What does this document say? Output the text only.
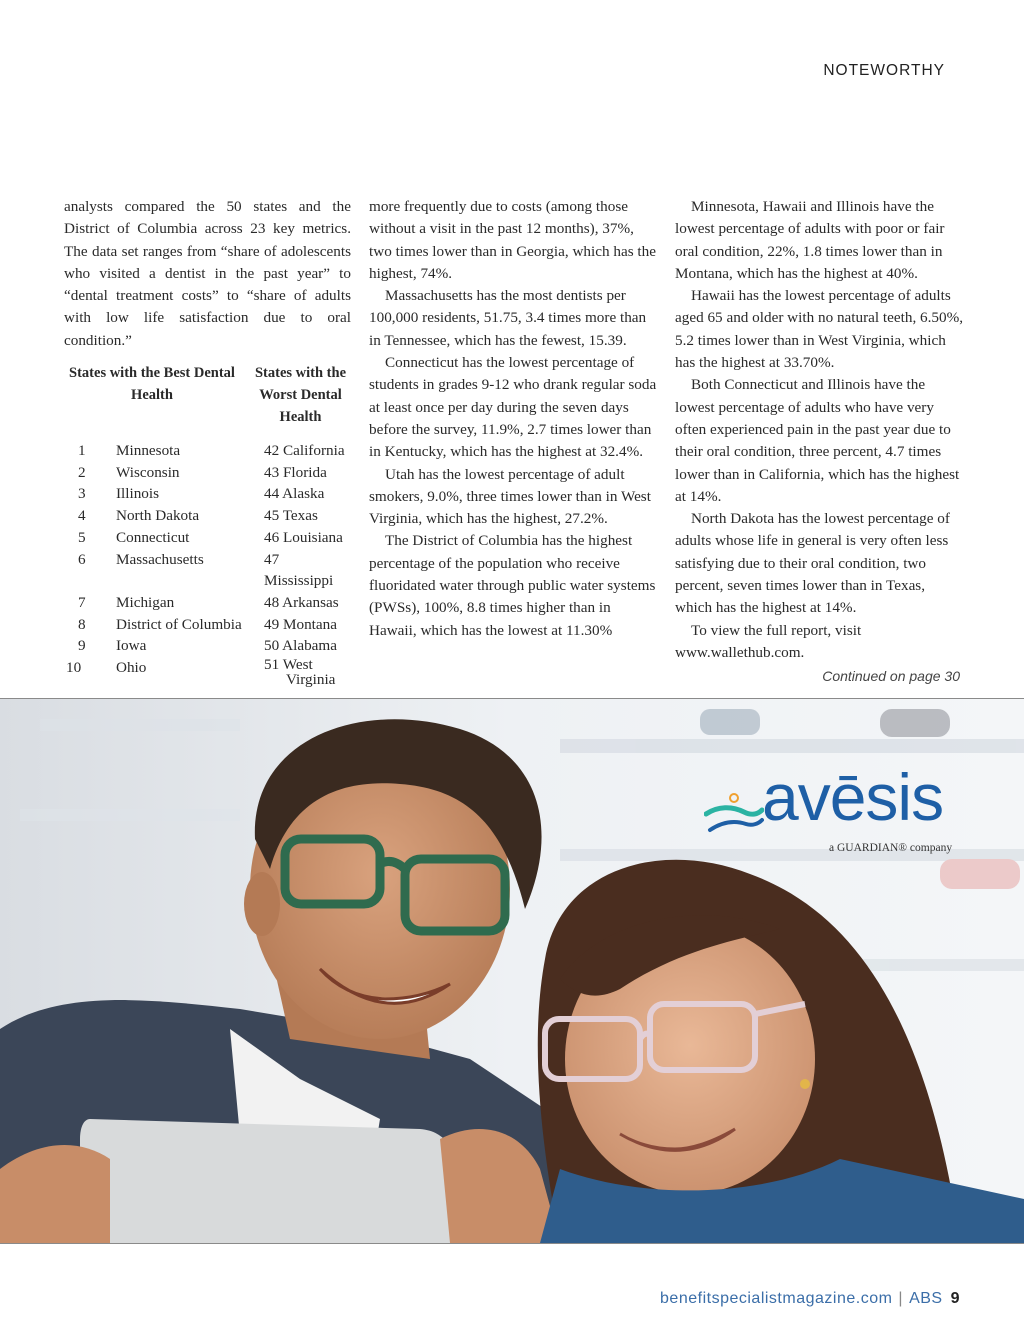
NOTEWORTHY

analysts compared the 50 states and the District of Columbia across 23 key metrics. The data set ranges from “share of adolescents who visited a dentist in the past year” to “dental treatment costs” to “share of adults with low life satisfaction due to oral condition.”

States with the Best Dental Health		States with the Worst Dental Health
1	Minnesota	42 California
2	Wisconsin	43 Florida
3	Illinois	44 Alaska
4	North Dakota	45 Texas
5	Connecticut	46 Louisiana
6	Massachusetts	47 Mississippi
7	Michigan	48 Arkansas
8	District of Columbia	49 Montana
9	Iowa	50 Alabama
10	Ohio	51 West
Virginia

more frequently due to costs (among those without a visit in the past 12 months), 37%, two times lower than in Georgia, which has the highest, 74%.

Massachusetts has the most dentists per 100,000 residents, 51.75, 3.4 times more than in Tennessee, which has the fewest, 15.39.

Connecticut has the lowest percentage of students in grades 9-12 who drank regular soda at least once per day during the seven days before the survey, 11.9%, 2.7 times lower than in Kentucky, which has the highest at 32.4%.

Utah has the lowest percentage of adult smokers, 9.0%, three times lower than in West Virginia, which has the highest, 27.2%.

The District of Columbia has the highest percentage of the population who receive fluoridated water through public water systems (PWSs), 100%, 8.8 times higher than in Hawaii, which has the lowest at 11.30%

Minnesota, Hawaii and Illinois have the lowest percentage of adults with poor or fair oral condition, 22%, 1.8 times lower than in Montana, which has the highest at 40%.

Hawaii has the lowest percentage of adults aged 65 and older with no natural teeth, 6.50%, 5.2 times lower than in West Virginia, which has the highest at 33.70%.

Both Connecticut and Illinois have the lowest percentage of adults who have very often experienced pain in the past year due to their oral condition, three percent, 4.7 times lower than in California, which has the highest at 14%.

North Dakota has the lowest percentage of adults whose life in general is very often less satisfying due to their oral condition, two percent, seven times lower than in Texas, which has the highest at 14%.

To view the full report, visit www.wallethub.com.

Continued on page 30
avēsis
a GUARDIAN® company
benefitspecialistmagazine.com | ABS 9
